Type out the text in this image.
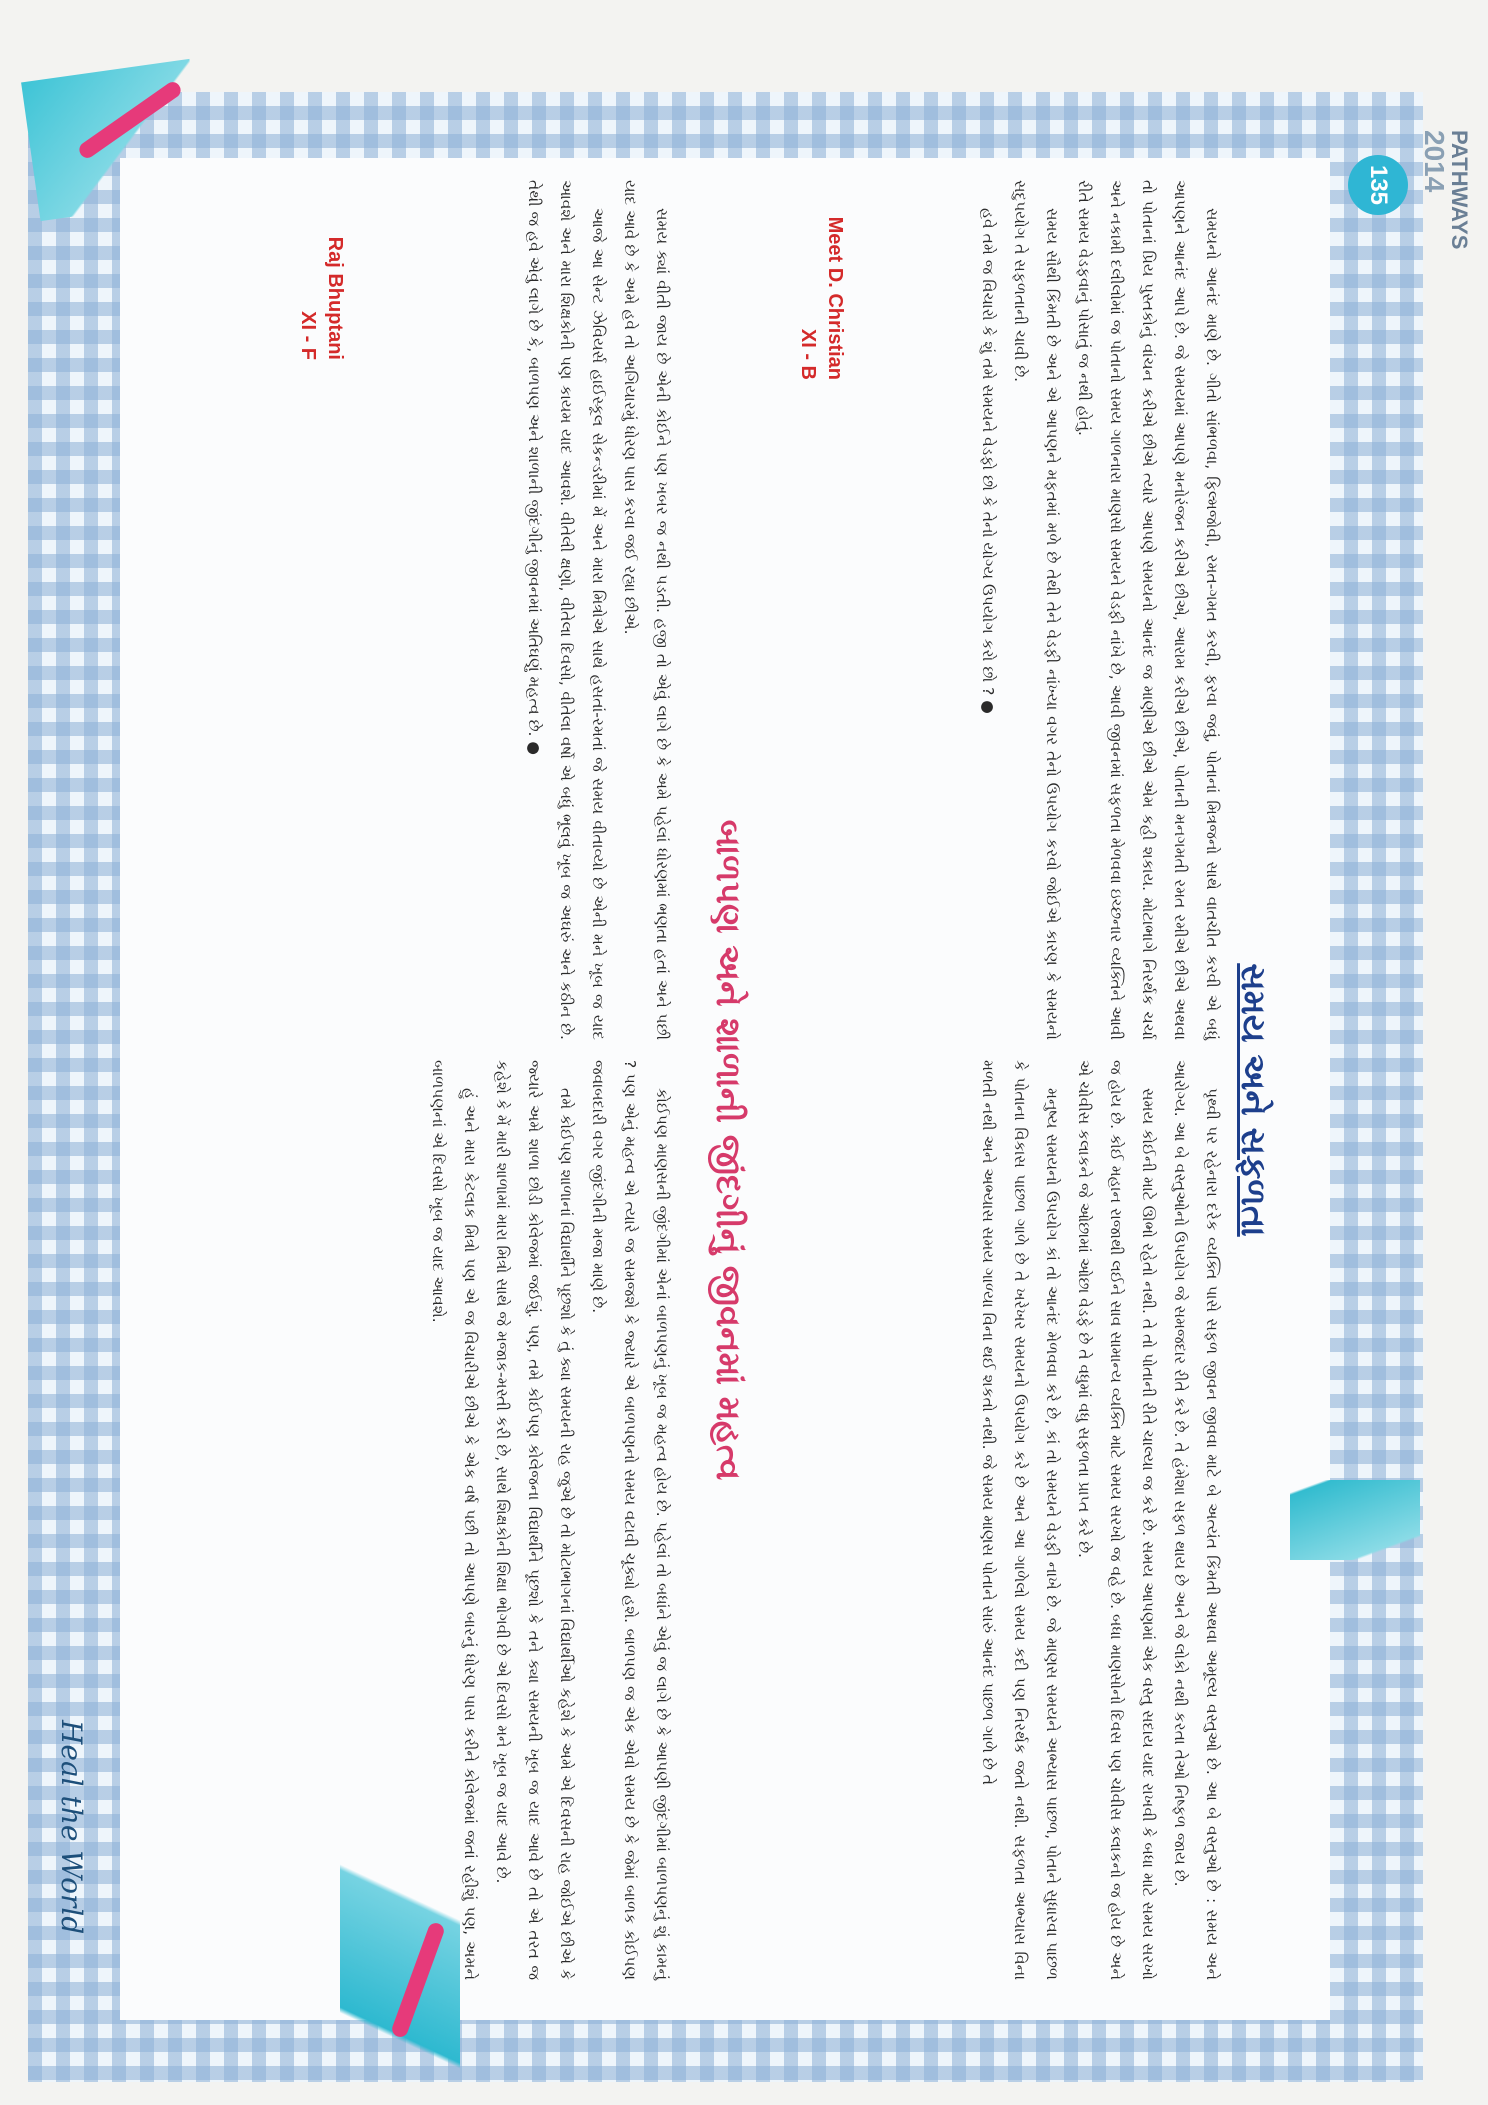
PATHWAYS
2014
135
સમય અને સફળતા

પૃથ્વી પર રહેનારા દરેક વ્યક્તિ પાસે સફળ જીવન જીવવા માટે બે અત્યંત કિંમતી અથવા અમૂલ્ય વસ્તુઓ છે. આ બે વસ્તુઓ છે : સમય અને આરોગ્ય. આ બે વસ્તુઓનો ઉપયોગ જે સમજદાર રીતે કરે છે. તે હંમેશા સફળ થાય છે અને જે લોકો નથી કરતા તેઓ નિષ્ફળ જાય છે.

સમય કોઈની માટે ઊભો રહેતો નથી. તે તો પોતાની રીતે ચાલ્યા જ કરે છે. સમય આપણમાં એક વસ્તુ સદાય યાદ રાખવી કે બધા માટે સમય સરખો જ હોય છે. કોઈ મહાન રાજાથી લઈને સાવ સામાન્ય વ્યક્તિ માટે સમય સરખો જ વહે છે. બધા માણસોનો દિવસ પણ ચોવીસ કલાકનો જ હોય છે અને એ ચોવીસ કલાકને જે ઓછામાં ઓછા વેડફે છે તે વધુમાં વધુ સફળતા પ્રાપ્ત કરે છે.

મનુષ્ય સમયનો ઉપયોગ કાં તો આનંદ મેળવવા કરે છે, કાં તો સમયને વેડફી નાખે છે. જે માણસ સમયને અભ્યાસ પાછળ, પોતાને સુધારવા પાછળ કે પોતાના વિકાસ પાછળ ગાળે છે તે ખરેખર સમયનો ઉપયોગ કરે છે અને આ ગાળેલો સમય કદી પણ નિરર્થક જતો નથી. સફળતા અભ્યાસ વિના મળતી નથી અને અભ્યાસ સમય ગાળ્યા વિના થઈ શકતો નથી. જે સમય માણસ પોતાને સારું આનંદ પાછળ ગાળે છે તે

સમયનો આનંદ માણે છે. ગીતો સાંભળવા, ફિલ્મજોવી, રમત-ગમત કરવી, ફરવા જવું, પોતાનાં મિત્રજનો સાથે વાતચીત કરવી એ બધું આપણને આનંદ આપે છે. જે સમયમાં આપણે મનોરંજન કરીએ છીએ, આરામ કરીએ છીએ, પોતાની મનગમતી રમત રમીએ છીએ અથવા તો પોતાનાં પ્રિય પુસ્તકોનું વાંચન કરીએ છીએ ત્યારે આપણે સમયનો આનંદ જ માણીએ છીએ એમ કહી શકાય. મોટાભાગે નિરર્થક ચર્ચા અને નકામી દલીલોમાં જ પોતાનો સમય ગાળનારા માણસો સમયને વેડફી નાંખે છે, આવી જીવનમાં સફળતા મેળવવા ઇચ્છનાર વ્યક્તિને આવી રીતે સમય વેડફવાનું પોસાતું જ નથી હોતું.

સમય સૌથી કિંમતી છે અને એ આપણને મફતમાં મળે છે તેથી તેને વેડફી નાંખ્યા વગર તેનો ઉપયોગ કરવો જોઈએ કારણ કે સમયનો સદુપયોગ તે સફળતાની ચાવી છે.

હવે તમે જ વિચારો કે શું તમે સમયને વેડફો છો કે તેનો યોગ્ય ઉપયોગ કરો છો ? ●

Meet D. Christian
XI - B
બાળપણ અને શાળાની જીંદગીનું જીવનમાં મહત્વ

કોઈપણ માણસની જીંદગીમાં એનાં બાળપણનું ખૂબ જ મહત્વ હોય છે. પહેલાં તો બધાંને એવું જ લાગે છે કે આપણી જીંદગીમાં બાળપણનું શું કામનું ? પણ એનું મહત્વ એ ત્યારે જ સમજશે કે જ્યારે એ બાળપણનો સમય વટાવી ચૂક્યો હશે. બાળપણ જ એક એવો સમય છે કે જેમાં બાળક કોઈપણ જવાબદારી વગર જીંદગીની મજા માણે છે.

તમે કોઈપણ શાળાનાં વિદ્યાર્થીને પૂછશો કે તું ક્યા સમયની રાહ જુએ છે તો મોટાભાગનાં વિદ્યાર્થીઓ કહેશે કે અમે એ દિવસની રાહ જોઈએ છીએ કે જ્યારે અમે શાળા છોડી કોલેજમાં જઈશું. પણ, તમે કોઈપણ કોલેજના વિદ્યાર્થીને પૂછશો કે તને ક્યા સમયની ખૂબ જ યાદ આવે છે તો એ તરત જ કહેશે કે મેં મારી શાળામાં મારા મિત્રો સાથે જે મજાક-મસ્તી કરી છે, સાથે શિક્ષકોની શિક્ષા ભોગવી છે એ દિવસો મને ખૂબ જ યાદ આવે છે.

હું અને મારા કેટલાક મિત્રો પણ એ જ વિચારીએ છીએ કે એક વર્ષ પછી તો આપણે બારનું ધોરણ પાસ કરીને કોલેજમાં જતાં રહીશું પણ, અમને બાળપણનાં એ દિવસો ખૂબ જ યાદ આવશે.

સમય ક્યાં વીતી જાય છે એની કોઈને પણ ખબર જ નથી પડતી. હજી તો એવું લાગે છે કે અમે પહેલાં ધોરણમાં ભણતા હતાં અને પછી યાદ આવે છે કે અમે હવે તો અગિયારમું ધોરણ પાસ કરવા જઈ રહ્યા છીએ.

આજે આ સેન્ટ ઝેવિયર્સ હાઈસ્કૂલ સેકન્ડરીમાં મેં અને મારા મિત્રોએ સાથે હસતાં-રમતાં જે સમય વીતાવ્યો છે એની મને ખૂબ જ યાદ આવશે અને મારા શિક્ષકોની પણ કાયમ યાદ આવશે. વીતેલી ક્ષણો, વીતેલા દિવસો, વીતેલા વર્ષો એ બધું ભૂલવું ખૂબ જ અઘરું અને કઠીન છે. તેથી જ હવે એવું લાગે છે કે, બાળપણ અને શાળાની જીંદગીનું જીવનમાં અતિઘણું મહત્વ છે. ●

Raj Bhuptani
XI - F
Heal the World
